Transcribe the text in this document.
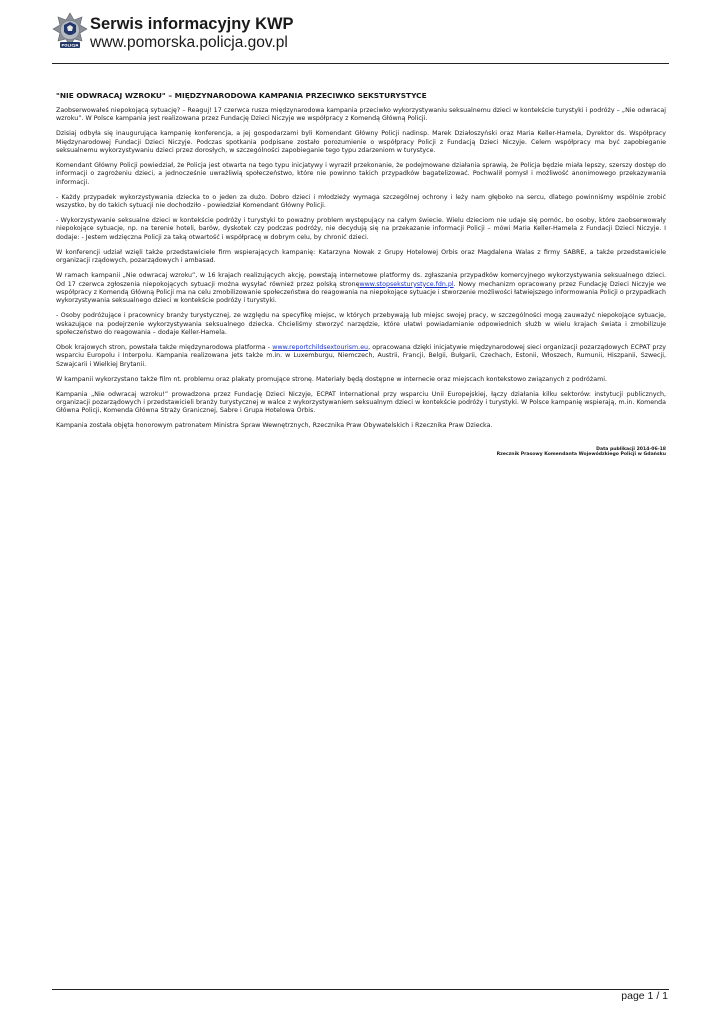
POLICJA
Serwis informacyjny KWP
www.pomorska.policja.gov.pl
"NIE ODWRACAJ WZROKU" – MIĘDZYNARODOWA KAMPANIA PRZECIWKO SEKSTURYSTYCE

Zaobserwowałeś niepokojącą sytuację? – Reaguj! 17 czerwca rusza międzynarodowa kampania przeciwko wykorzystywaniu seksualnemu dzieci w kontekście turystyki i podróży – „Nie odwracaj wzroku”. W Polsce kampania jest realizowana przez Fundację Dzieci Niczyje we współpracy z Komendą Główną Policji.

Dzisiaj odbyła się inaugurująca kampanię konferencja, a jej gospodarzami byli Komendant Główny Policji nadinsp. Marek Działoszyński oraz Maria Keller-Hamela, Dyrektor ds. Współpracy Międzynarodowej Fundacji Dzieci Niczyje. Podczas spotkania podpisane zostało porozumienie o współpracy Policji z Fundacją Dzieci Niczyje. Celem współpracy ma być zapobieganie seksualnemu wykorzystywaniu dzieci przez dorosłych, w szczególności zapobieganie tego typu zdarzeniom w turystyce.

Komendant Główny Policji powiedział, że Policja jest otwarta na tego typu inicjatywy i wyraził przekonanie, że podejmowane działania sprawią, że Policja będzie miała lepszy, szerszy dostęp do informacji o zagrożeniu dzieci, a jednocześnie uwrażliwią społeczeństwo, które nie powinno takich przypadków bagatelizować. Pochwalił pomysł i możliwość anonimowego przekazywania informacji.

- Każdy przypadek wykorzystywania dziecka to o jeden za dużo. Dobro dzieci i młodzieży wymaga szczególnej ochrony i leży nam głęboko na sercu, dlatego powinniśmy wspólnie zrobić wszystko, by do takich sytuacji nie dochodziło - powiedział Komendant Główny Policji.

- Wykorzystywanie seksualne dzieci w kontekście podróży i turystyki to poważny problem występujący na całym świecie. Wielu dzieciom nie udaje się pomóc, bo osoby, które zaobserwowały niepokojące sytuacje, np. na terenie hoteli, barów, dyskotek czy podczas podróży, nie decydują się na przekazanie informacji Policji – mówi Maria Keller-Hamela z Fundacji Dzieci Niczyje. I dodaje: - Jestem wdzięczna Policji za taką otwartość i współpracę w dobrym celu, by chronić dzieci.

W konferencji udział wzięli także przedstawiciele firm wspierających kampanię: Katarzyna Nowak z Grupy Hotelowej Orbis oraz Magdalena Walas z firmy SABRE, a także przedstawiciele organizacji rządowych, pozarządowych i ambasad.

W ramach kampanii „Nie odwracaj wzroku”, w 16 krajach realizujących akcję, powstają internetowe platformy ds. zgłaszania przypadków komercyjnego wykorzystywania seksualnego dzieci. Od 17 czerwca zgłoszenia niepokojących sytuacji można wysyłać również przez polską stronęwww.stopseksturystyce.fdn.pl. Nowy mechanizm opracowany przez Fundację Dzieci Niczyje we współpracy z Komendą Główną Policji ma na celu zmobilizowanie społeczeństwa do reagowania na niepokojące sytuacje i stworzenie możliwości łatwiejszego informowania Policji o przypadkach wykorzystywania seksualnego dzieci w kontekście podróży i turystyki.

- Osoby podróżujące i pracownicy branży turystycznej, ze względu na specyfikę miejsc, w których przebywają lub miejsc swojej pracy, w szczególności mogą zauważyć niepokojące sytuacje, wskazujące na podejrzenie wykorzystywania seksualnego dziecka. Chcieliśmy stworzyć narzędzie, które ułatwi powiadamianie odpowiednich służb w wielu krajach świata i zmobilizuje społeczeństwo do reagowania – dodaje Keller-Hamela.

Obok krajowych stron, powstała także międzynarodowa platforma - www.reportchildsextourism.eu, opracowana dzięki inicjatywie międzynarodowej sieci organizacji pozarządowych ECPAT przy wsparciu Europolu i Interpolu. Kampania realizowana jets także m.in. w Luxemburgu, Niemczech, Austrii, Francji, Belgii, Bułgarii, Czechach, Estonii, Włoszech, Rumunii, Hiszpanii, Szwecji, Szwajcarii i Wielkiej Brytanii.

W kampanii wykorzystano także film nt. problemu oraz plakaty promujące stronę. Materiały będą dostępne w internecie oraz miejscach kontekstowo związanych z podróżami.

Kampania „Nie odwracaj wzroku!” prowadzona przez Fundację Dzieci Niczyje, ECPAT International przy wsparciu Unii Europejskiej, łączy działania kilku sektorów: instytucji publicznych, organizacji pozarządowych i przedstawicieli branży turystycznej w walce z wykorzystywaniem seksualnym dzieci w kontekście podróży i turystyki. W Polsce kampanię wspierają, m.in. Komenda Główna Policji, Komenda Główna Straży Granicznej, Sabre i Grupa Hotelowa Orbis.

Kampania została objęta honorowym patronatem Ministra Spraw Wewnętrznych, Rzecznika Praw Obywatelskich i Rzecznika Praw Dziecka.

Data publikacji 2014-06-18
Rzecznik Prasowy Komendanta Wojewódzkiego Policji w Gdańsku
page 1 / 1
